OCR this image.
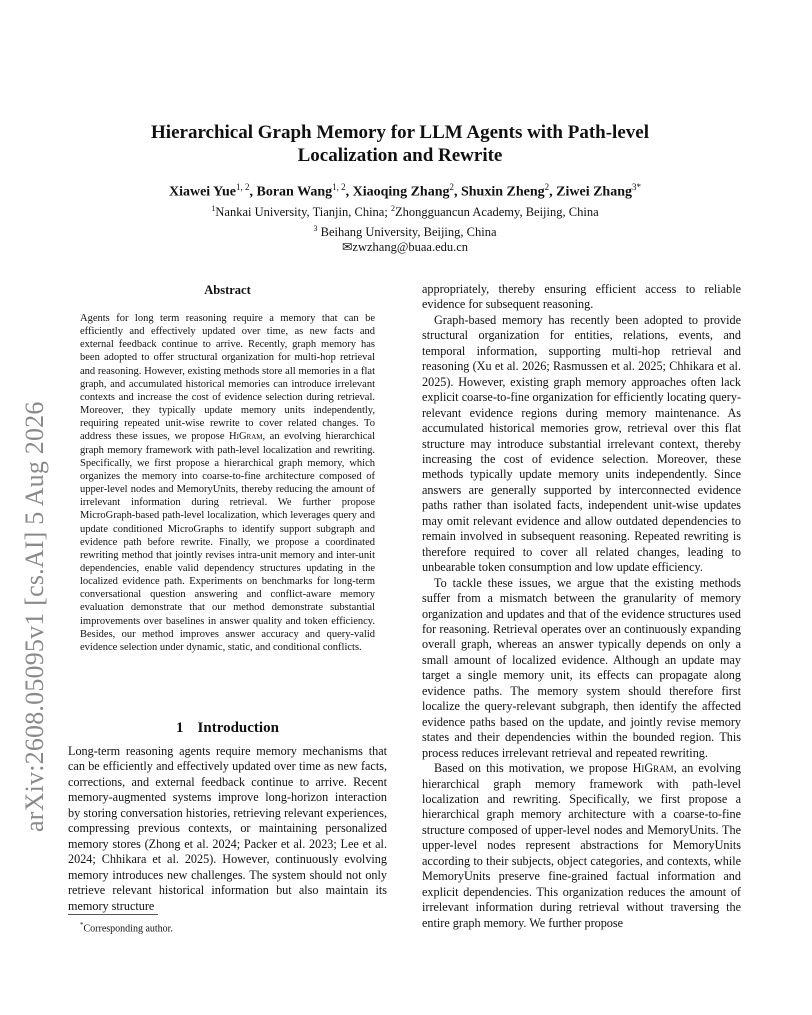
arXiv:2608.05095v1 [cs.AI] 5 Aug 2026
Hierarchical Graph Memory for LLM Agents with Path-level
Localization and Rewrite
Xiawei Yue$^{1, 2}$, Boran Wang$^{1, 2}$, Xiaoqing Zhang$^2$, Shuxin Zheng$^2$, Ziwei Zhang$^{3*}$
$^1$Nankai University, Tianjin, China; $^2$Zhongguancun Academy, Beijing, China
$^3$ Beihang University, Beijing, China
✉zwzhang@buaa.edu.cn
Abstract
Agents for long term reasoning require a memory that can be efficiently and effectively updated over time, as new facts and external feedback continue to arrive. Recently, graph memory has been adopted to offer structural organization for multi-hop retrieval and reasoning. However, existing methods store all memories in a flat graph, and accumulated historical memories can introduce irrelevant contexts and increase the cost of evidence selection during retrieval. Moreover, they typically update memory units independently, requiring repeated unit-wise rewrite to cover related changes. To address these issues, we propose HiGram, an evolving hierarchical graph memory framework with path-level localization and rewriting. Specifically, we first propose a hierarchical graph memory, which organizes the memory into coarse-to-fine architecture composed of upper-level nodes and MemoryUnits, thereby reducing the amount of irrelevant information during retrieval. We further propose MicroGraph-based path-level localization, which leverages query and update conditioned MicroGraphs to identify support subgraph and evidence path before rewrite. Finally, we propose a coordinated rewriting method that jointly revises intra-unit memory and inter-unit dependencies, enable valid dependency structures updating in the localized evidence path. Experiments on benchmarks for long-term conversational question answering and conflict-aware memory evaluation demonstrate that our method demonstrate substantial improvements over baselines in answer quality and token efficiency. Besides, our method improves answer accuracy and query-valid evidence selection under dynamic, static, and conditional conflicts.
1 Introduction

Long-term reasoning agents require memory mechanisms that can be efficiently and effectively updated over time as new facts, corrections, and external feedback continue to arrive. Recent memory-augmented systems improve long-horizon interaction by storing conversation histories, retrieving relevant experiences, compressing previous contexts, or maintaining personalized memory stores (Zhong et al. 2024; Packer et al. 2023; Lee et al. 2024; Chhikara et al. 2025). However, continuously evolving memory introduces new challenges. The system should not only retrieve relevant historical information but also maintain its memory structure

*Corresponding author.

appropriately, thereby ensuring efficient access to reliable evidence for subsequent reasoning.

Graph-based memory has recently been adopted to provide structural organization for entities, relations, events, and temporal information, supporting multi-hop retrieval and reasoning (Xu et al. 2026; Rasmussen et al. 2025; Chhikara et al. 2025). However, existing graph memory approaches often lack explicit coarse-to-fine organization for efficiently locating query-relevant evidence regions during memory maintenance. As accumulated historical memories grow, retrieval over this flat structure may introduce substantial irrelevant context, thereby increasing the cost of evidence selection. Moreover, these methods typically update memory units independently. Since answers are generally supported by interconnected evidence paths rather than isolated facts, independent unit-wise updates may omit relevant evidence and allow outdated dependencies to remain involved in subsequent reasoning. Repeated rewriting is therefore required to cover all related changes, leading to unbearable token consumption and low update efficiency.

To tackle these issues, we argue that the existing methods suffer from a mismatch between the granularity of memory organization and updates and that of the evidence structures used for reasoning. Retrieval operates over an continuously expanding overall graph, whereas an answer typically depends on only a small amount of localized evidence. Although an update may target a single memory unit, its effects can propagate along evidence paths. The memory system should therefore first localize the query-relevant subgraph, then identify the affected evidence paths based on the update, and jointly revise memory states and their dependencies within the bounded region. This process reduces irrelevant retrieval and repeated rewriting.

Based on this motivation, we propose HiGram, an evolving hierarchical graph memory framework with path-level localization and rewriting. Specifically, we first propose a hierarchical graph memory architecture with a coarse-to-fine structure composed of upper-level nodes and MemoryUnits. The upper-level nodes represent abstractions for MemoryUnits according to their subjects, object categories, and contexts, while MemoryUnits preserve fine-grained factual information and explicit dependencies. This organization reduces the amount of irrelevant information during retrieval without traversing the entire graph memory. We further propose
